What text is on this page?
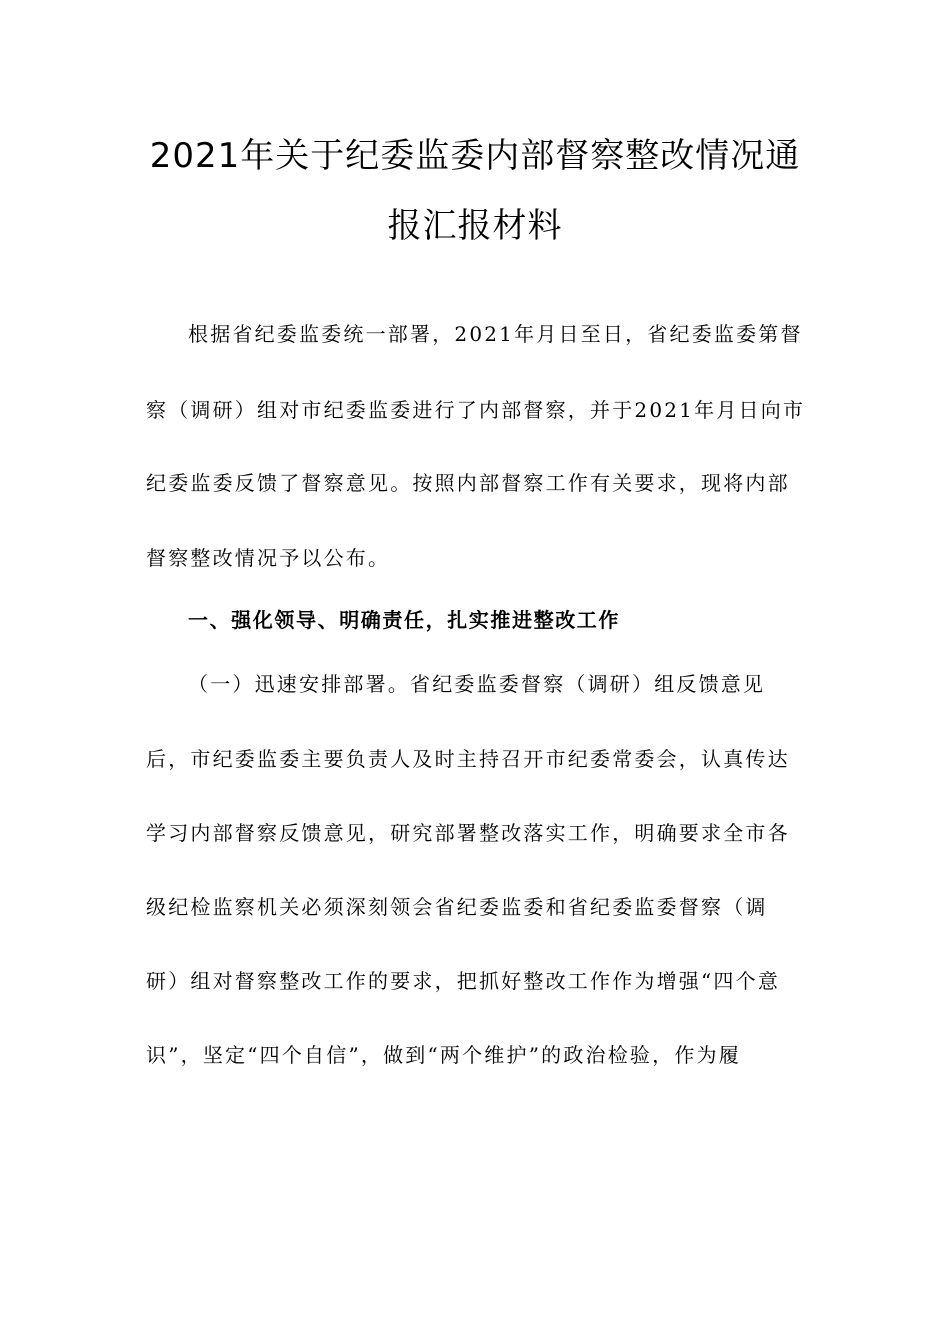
2021年关于纪委监委内部督察整改情况通
报汇报材料
根据省纪委监委统一部署，2021年月日至日，省纪委监委第督
察（调研）组对市纪委监委进行了内部督察，并于2021年月日向市
纪委监委反馈了督察意见。按照内部督察工作有关要求，现将内部
督察整改情况予以公布。
一、强化领导、明确责任，扎实推进整改工作
（一）迅速安排部署。省纪委监委督察（调研）组反馈意见
后，市纪委监委主要负责人及时主持召开市纪委常委会，认真传达
学习内部督察反馈意见，研究部署整改落实工作，明确要求全市各
级纪检监察机关必须深刻领会省纪委监委和省纪委监委督察（调
研）组对督察整改工作的要求，把抓好整改工作作为增强“四个意
识”，坚定“四个自信”，做到“两个维护”的政治检验，作为履
